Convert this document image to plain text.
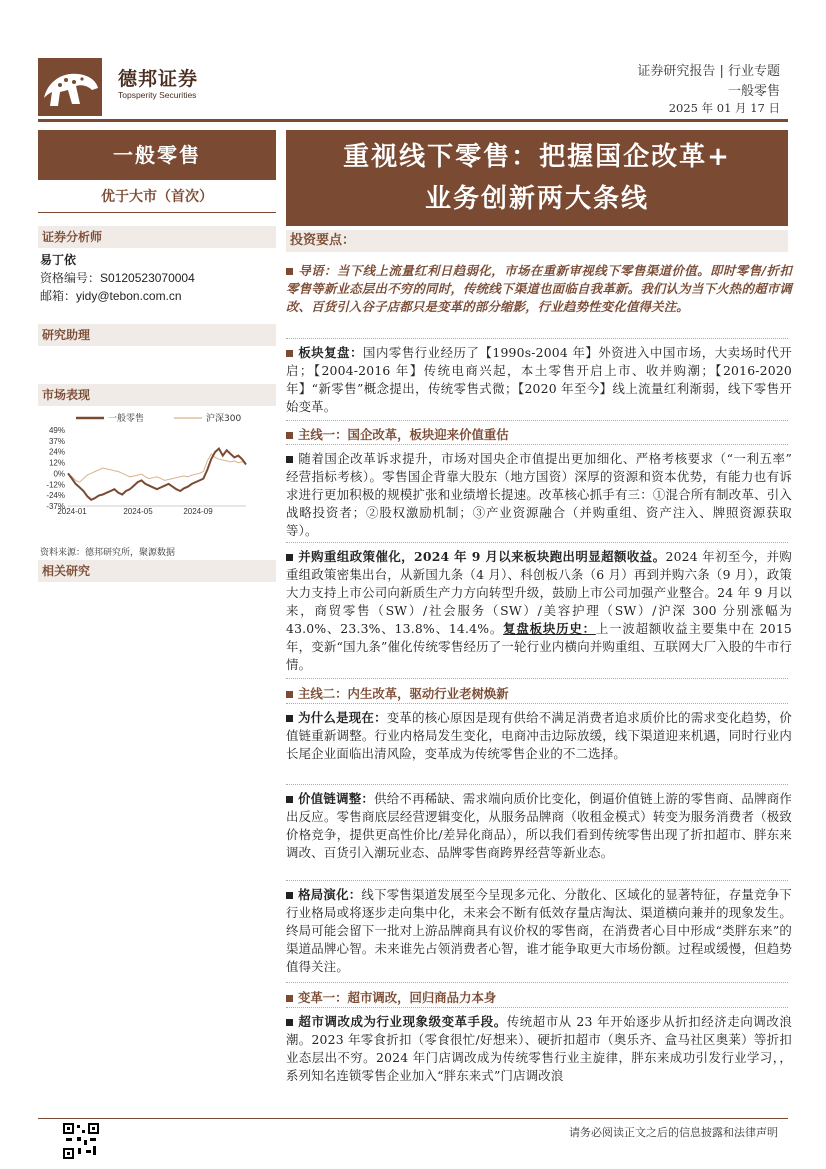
德邦证券
Topsperity Securities
证券研究报告 | 行业专题
一般零售
2025 年 01 月 17 日
一般零售
优于大市（首次）
证券分析师
易丁依
资格编号：S0120523070004
邮箱：yidy@tebon.com.cn
研究助理
市场表现
一般零售	沪深300
49%
37%
24%
12%
0%
-12%
-24%
-37%
2024-01	2024-05	2024-09
资料来源：德邦研究所，聚源数据
相关研究
重视线下零售：把握国企改革+
业务创新两大条线
投资要点：
导语：当下线上流量红利日趋弱化，市场在重新审视线下零售渠道价值。即时零售/折扣零售等新业态层出不穷的同时，传统线下渠道也面临自我革新。我们认为当下火热的超市调改、百货引入谷子店都只是变革的部分缩影，行业趋势性变化值得关注。
板块复盘：国内零售行业经历了【1990s-2004 年】外资进入中国市场，大卖场时代开启；【2004-2016 年】传统电商兴起，本土零售开启上市、收并购潮；【2016-2020 年】“新零售”概念提出，传统零售式微；【2020 年至今】线上流量红利渐弱，线下零售开始变革。
主线一：国企改革，板块迎来价值重估
随着国企改革诉求提升，市场对国央企市值提出更加细化、严格考核要求（“一利五率” 经营指标考核）。零售国企背靠大股东（地方国资）深厚的资源和资本优势，有能力也有诉求进行更加积极的规模扩张和业绩增长提速。改革核心抓手有三：①混合所有制改革、引入战略投资者；②股权激励机制；③产业资源融合（并购重组、资产注入、牌照资源获取等）。
并购重组政策催化，2024 年 9 月以来板块跑出明显超额收益。2024 年初至今，并购重组政策密集出台，从新国九条（4 月）、科创板八条（6 月）再到并购六条（9 月），政策大力支持上市公司向新质生产力方向转型升级，鼓励上市公司加强产业整合。24 年 9 月以来，商贸零售（SW）/社会服务（SW）/美容护理（SW）/沪深 300 分别涨幅为 43.0%、23.3%、13.8%、14.4%。复盘板块历史：上一波超额收益主要集中在 2015 年，变新“国九条”催化传统零售经历了一轮行业内横向并购重组、互联网大厂入股的牛市行情。
主线二：内生改革，驱动行业老树焕新
为什么是现在：变革的核心原因是现有供给不满足消费者追求质价比的需求变化趋势，价值链重新调整。行业内格局发生变化，电商冲击边际放缓，线下渠道迎来机遇，同时行业内长尾企业面临出清风险，变革成为传统零售企业的不二选择。
价值链调整：供给不再稀缺、需求端向质价比变化，倒逼价值链上游的零售商、品牌商作出反应。零售商底层经营逻辑变化，从服务品牌商（收租金模式）转变为服务消费者（极致价格竞争，提供更高性价比/差异化商品），所以我们看到传统零售出现了折扣超市、胖东来调改、百货引入潮玩业态、品牌零售商跨界经营等新业态。
格局演化：线下零售渠道发展至今呈现多元化、分散化、区域化的显著特征，存量竞争下行业格局或将逐步走向集中化，未来会不断有低效存量店淘汰、渠道横向兼并的现象发生。终局可能会留下一批对上游品牌商具有议价权的零售商，在消费者心目中形成“类胖东来”的渠道品牌心智。未来谁先占领消费者心智，谁才能争取更大市场份额。过程或缓慢，但趋势值得关注。
变革一：超市调改，回归商品力本身
超市调改成为行业现象级变革手段。传统超市从 23 年开始逐步从折扣经济走向调改浪潮。2023 年零食折扣（零食很忙/好想来）、硬折扣超市（奥乐齐、盒马社区奥莱）等折扣业态层出不穷。2024 年门店调改成为传统零售行业主旋律，胖东来成功引发行业学习，，系列知名连锁零售企业加入“胖东来式”门店调改浪
请务必阅读正文之后的信息披露和法律声明
